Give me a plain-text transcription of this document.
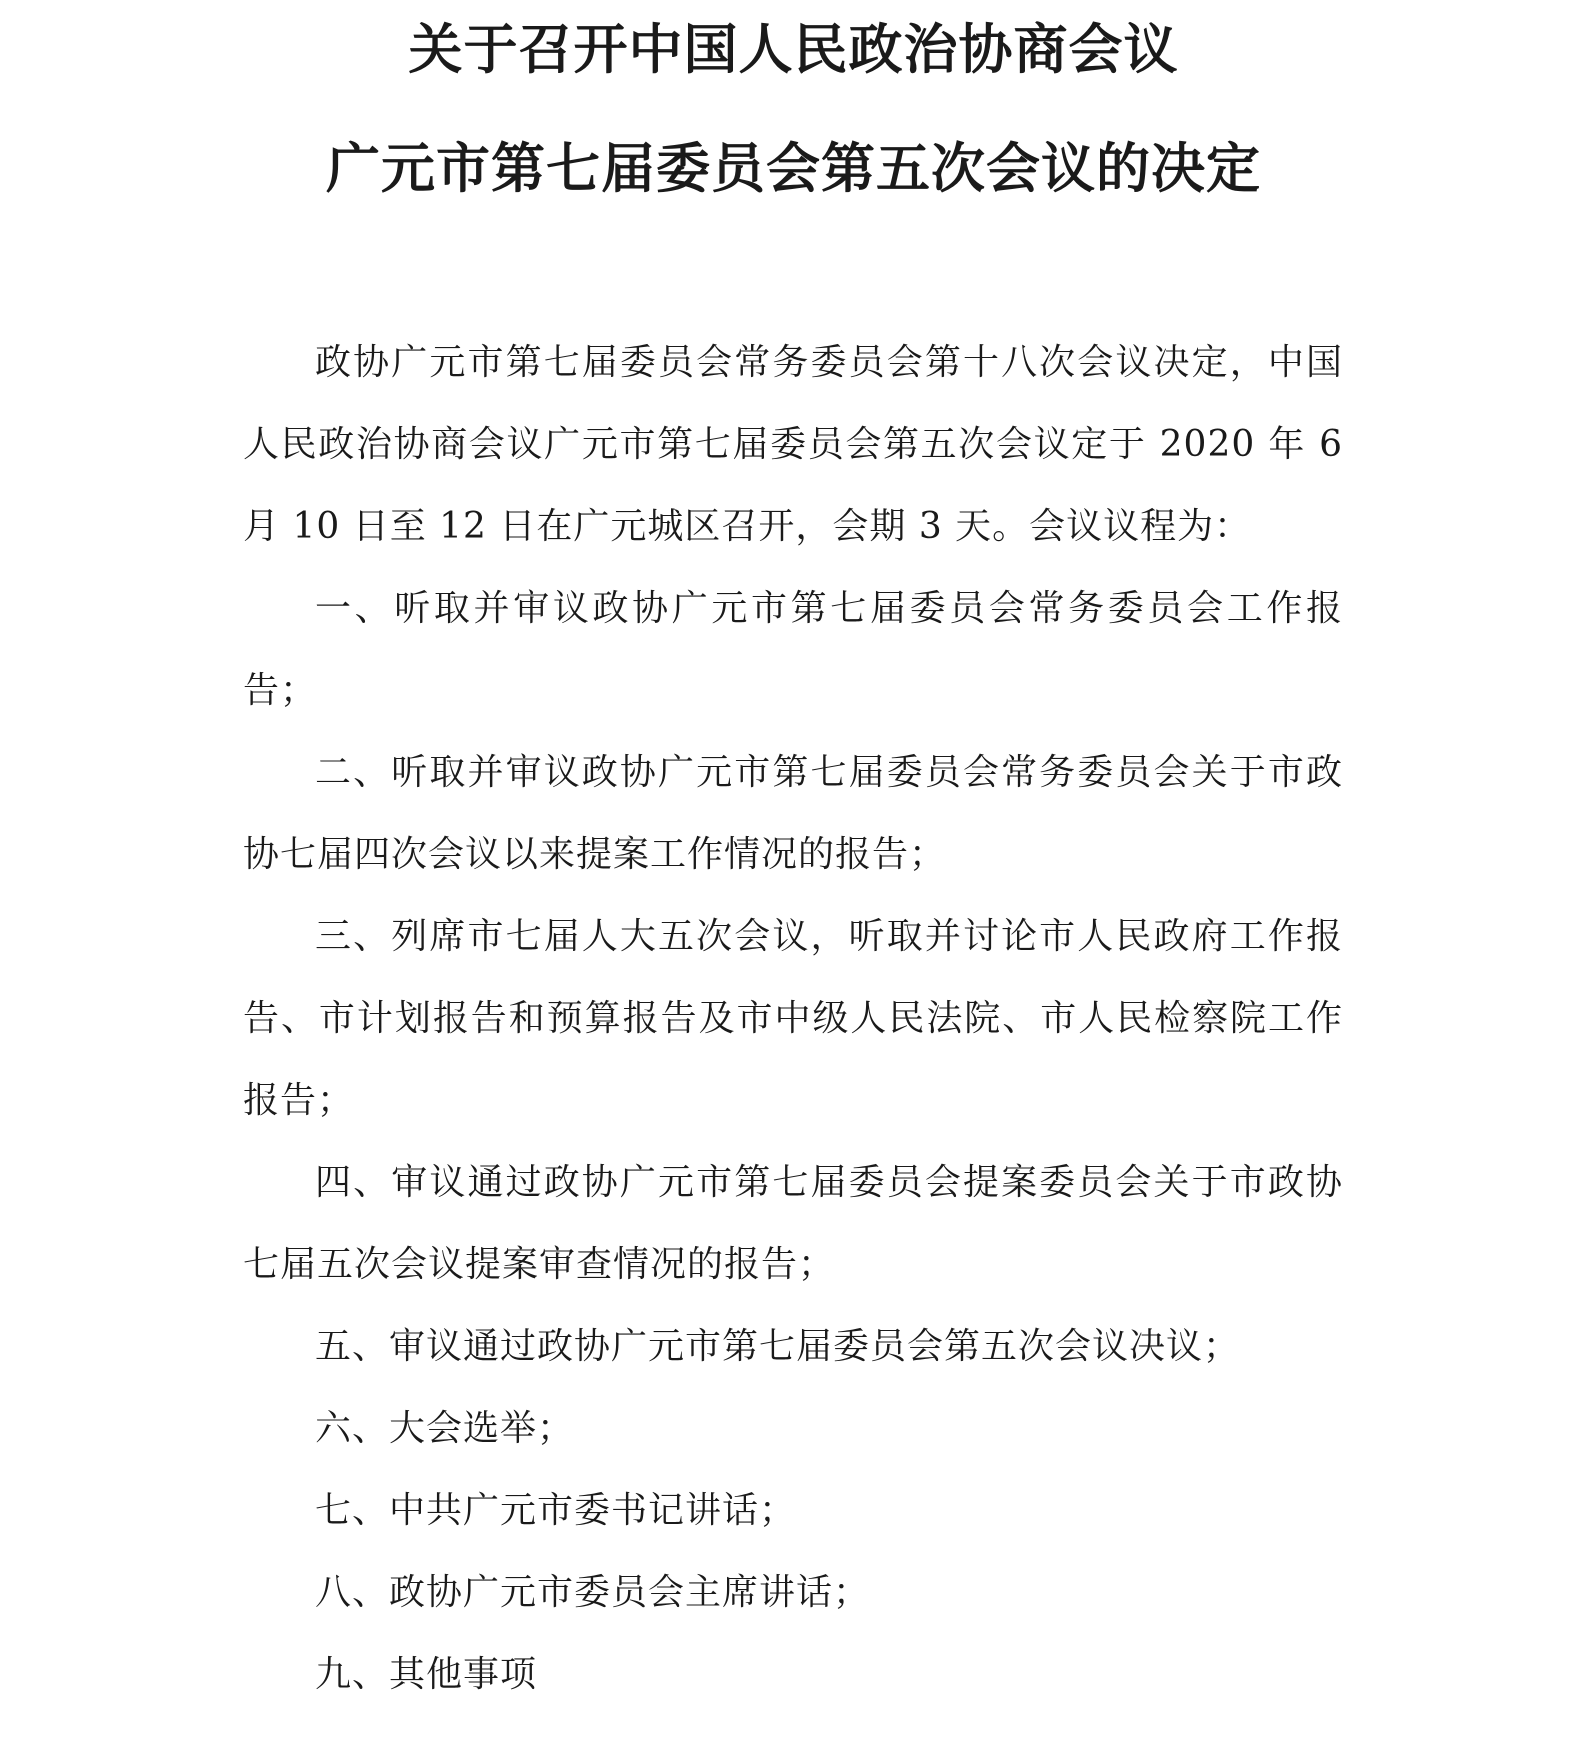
关于召开中国人民政治协商会议
广元市第七届委员会第五次会议的决定

政协广元市第七届委员会常务委员会第十八次会议决定，中国人民政治协商会议广元市第七届委员会第五次会议定于 2020 年 6 月 10 日至 12 日在广元城区召开，会期 3 天。会议议程为：

一、听取并审议政协广元市第七届委员会常务委员会工作报告；

二、听取并审议政协广元市第七届委员会常务委员会关于市政协七届四次会议以来提案工作情况的报告；

三、列席市七届人大五次会议，听取并讨论市人民政府工作报告、市计划报告和预算报告及市中级人民法院、市人民检察院工作报告；

四、审议通过政协广元市第七届委员会提案委员会关于市政协七届五次会议提案审查情况的报告；

五、审议通过政协广元市第七届委员会第五次会议决议；

六、大会选举；

七、中共广元市委书记讲话；

八、政协广元市委员会主席讲话；

九、其他事项
